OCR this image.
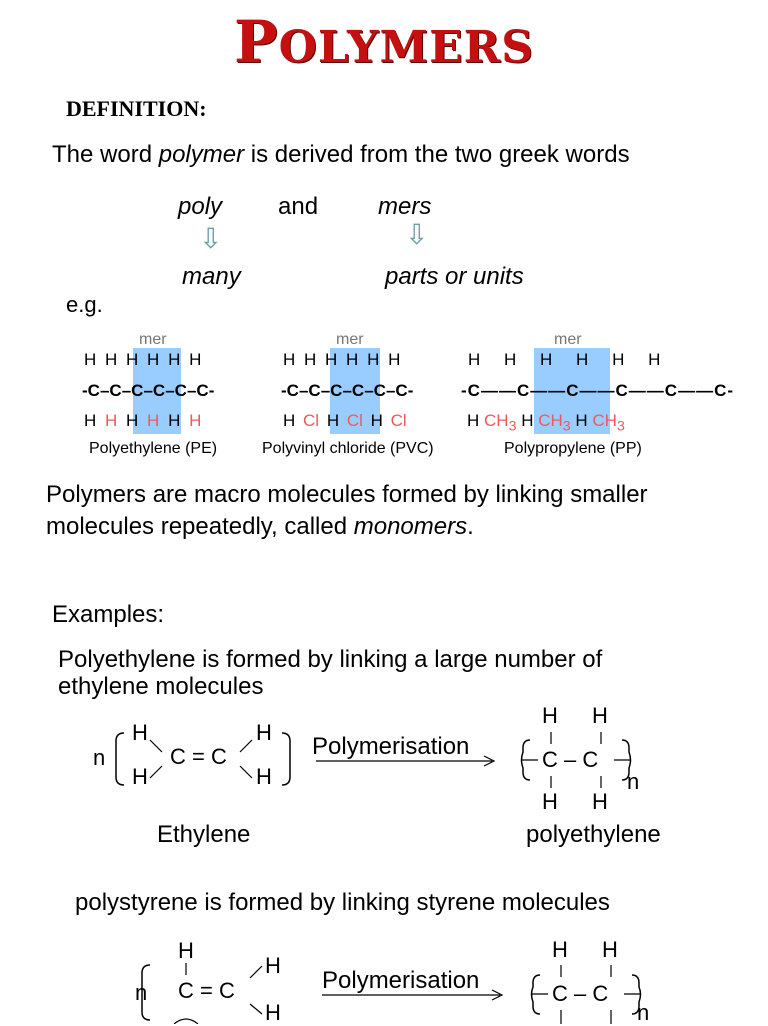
POLYMERS
DEFINITION:
The word polymer is derived from the two greek words
poly and mers
⇩	⇩
many	parts or units
e.g.
mer	mer	mer
H H H H H H
-C–C–C–C–C–C-
H H H H H H
Polyethylene (PE)
H H H H H H
-C–C–C–C–C–C-
H Cl H Cl H Cl
Polyvinyl chloride (PVC)
H H H H H H
-C——C——C——C——C——C-
H $CH_3$ H $CH_3$ H $CH_3$
Polypropylene (PP)
Polymers are macro molecules formed by linking smaller
molecules repeatedly, called monomers.
Examples:
Polyethylene is formed by linking a large number of
ethylene molecules
n
H
H
C = C
H
H
Polymerisation
H H
C – C
H H
n
Ethylene	polyethylene
polystyrene is formed by linking styrene molecules
n
H
C = C
H
H
Polymerisation
H H
C – C
n
